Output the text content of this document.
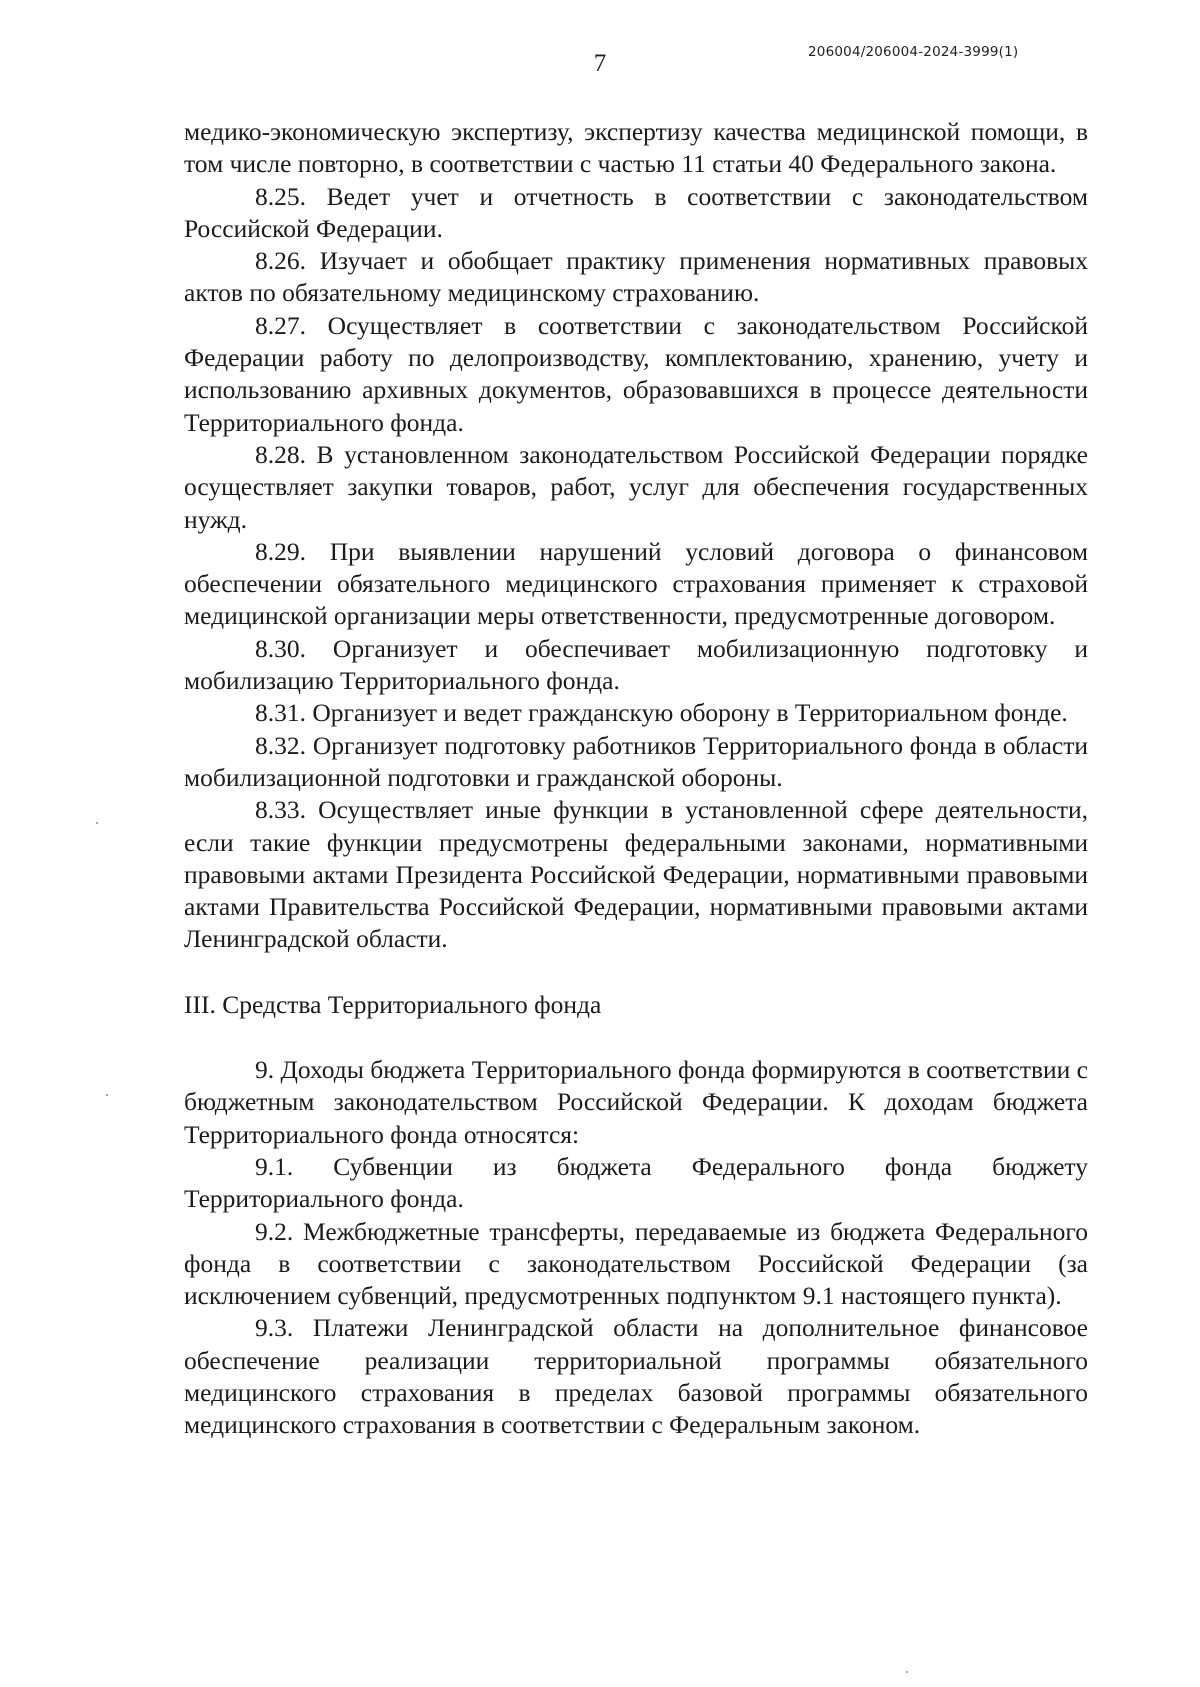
7	206004/206004-2024-3999(1)

медико-экономическую экспертизу, экспертизу качества медицинской помощи, в том числе повторно, в соответствии с частью 11 статьи 40 Федерального закона.

8.25. Ведет учет и отчетность в соответствии с законодательством Российской Федерации.

8.26. Изучает и обобщает практику применения нормативных правовых актов по обязательному медицинскому страхованию.

8.27. Осуществляет в соответствии с законодательством Российской Федерации работу по делопроизводству, комплектованию, хранению, учету и использованию архивных документов, образовавшихся в процессе деятельности Территориального фонда.

8.28. В установленном законодательством Российской Федерации порядке осуществляет закупки товаров, работ, услуг для обеспечения государственных нужд.

8.29. При выявлении нарушений условий договора о финансовом обеспечении обязательного медицинского страхования применяет к страховой медицинской организации меры ответственности, предусмотренные договором.

8.30. Организует и обеспечивает мобилизационную подготовку и мобилизацию Территориального фонда.

8.31. Организует и ведет гражданскую оборону в Территориальном фонде.

8.32. Организует подготовку работников Территориального фонда в области мобилизационной подготовки и гражданской обороны.

8.33. Осуществляет иные функции в установленной сфере деятельности, если такие функции предусмотрены федеральными законами, нормативными правовыми актами Президента Российской Федерации, нормативными правовыми актами Правительства Российской Федерации, нормативными правовыми актами Ленинградской области.

III. Средства Территориального фонда

9. Доходы бюджета Территориального фонда формируются в соответствии с бюджетным законодательством Российской Федерации. К доходам бюджета Территориального фонда относятся:

9.1. Субвенции из бюджета Федерального фонда бюджету Территориального фонда.

9.2. Межбюджетные трансферты, передаваемые из бюджета Федерального фонда в соответствии с законодательством Российской Федерации (за исключением субвенций, предусмотренных подпунктом 9.1 настоящего пункта).

9.3. Платежи Ленинградской области на дополнительное финансовое обеспечение реализации территориальной программы обязательного медицинского страхования в пределах базовой программы обязательного медицинского страхования в соответствии с Федеральным законом.
